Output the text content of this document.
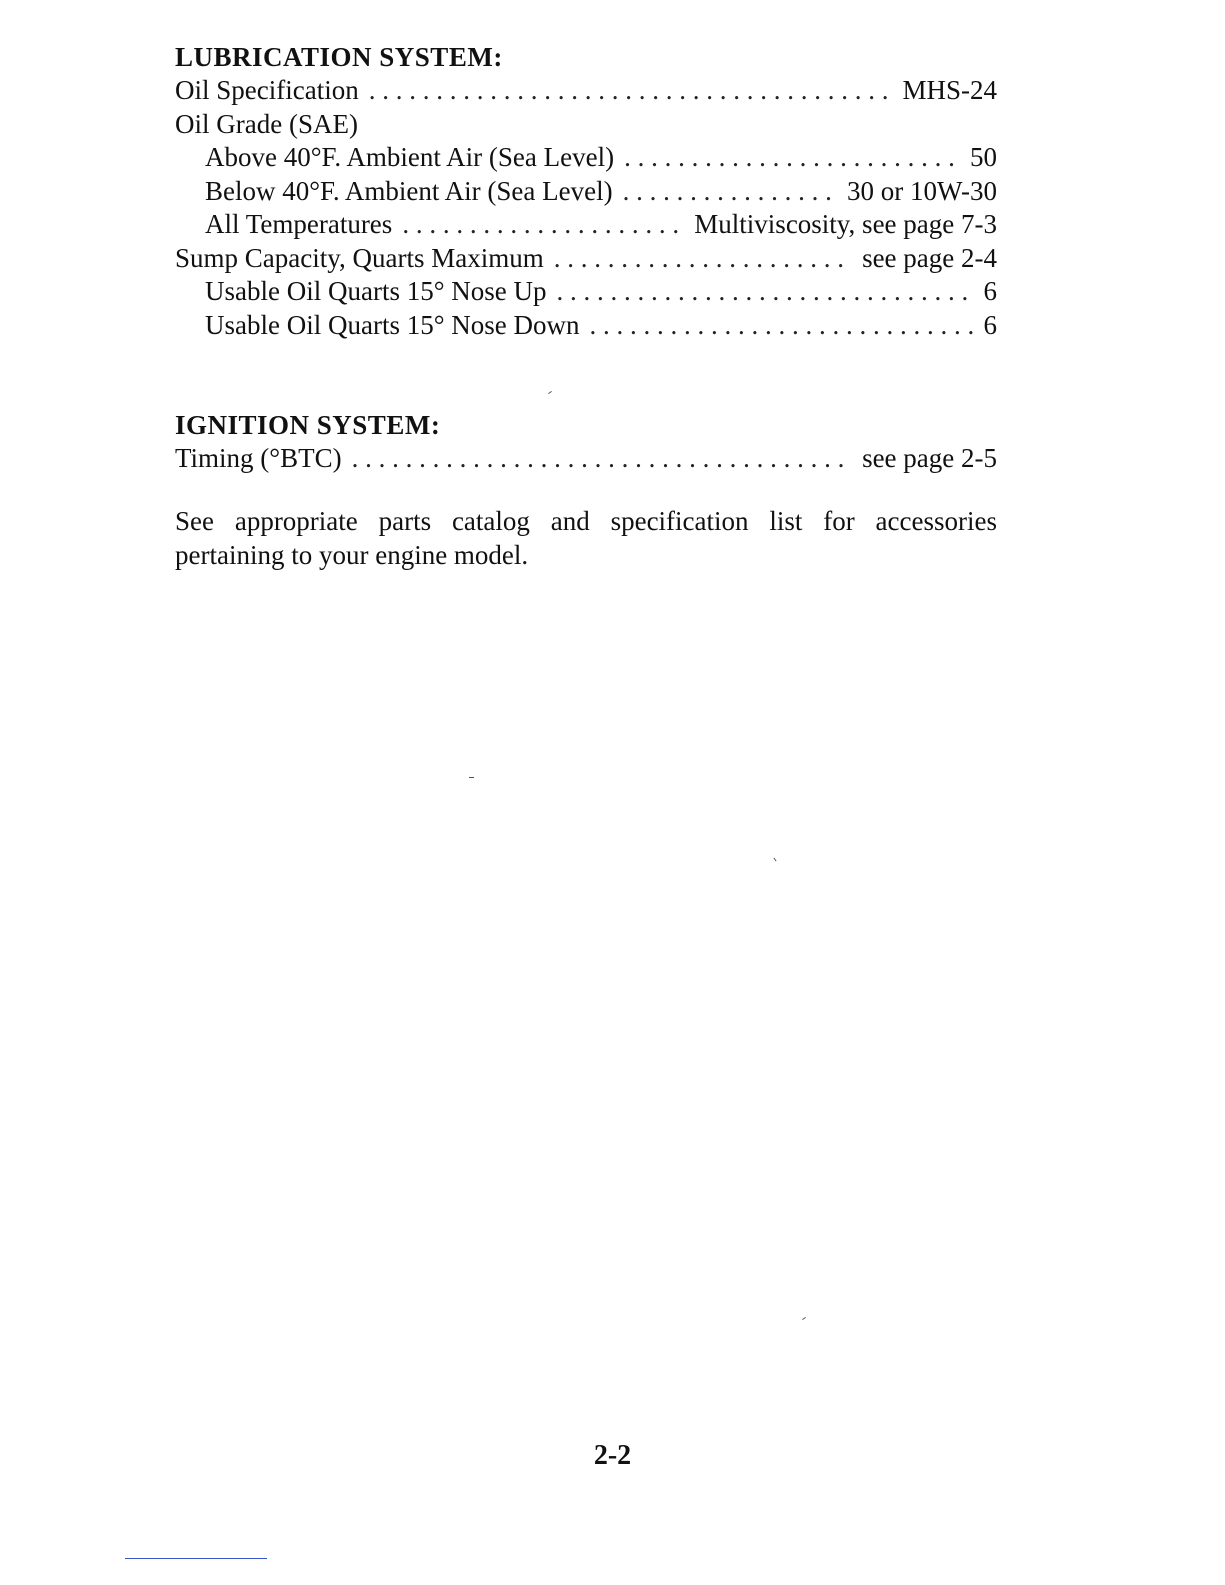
LUBRICATION SYSTEM:
Oil Specification . . .	MHS-24
Oil Grade (SAE)
Above 40°F. Ambient Air (Sea Level) . . .	50
Below 40°F. Ambient Air (Sea Level) . . .	30 or 10W-30
All Temperatures . . .	Multiviscosity, see page 7-3
Sump Capacity, Quarts Maximum . . .	see page 2-4
Usable Oil Quarts 15° Nose Up . . .	6
Usable Oil Quarts 15° Nose Down . . .	6
IGNITION SYSTEM:
Timing (°BTC) . . .	see page 2-5

See appropriate parts catalog and specification list for accessories pertaining to your engine model.

2-2
